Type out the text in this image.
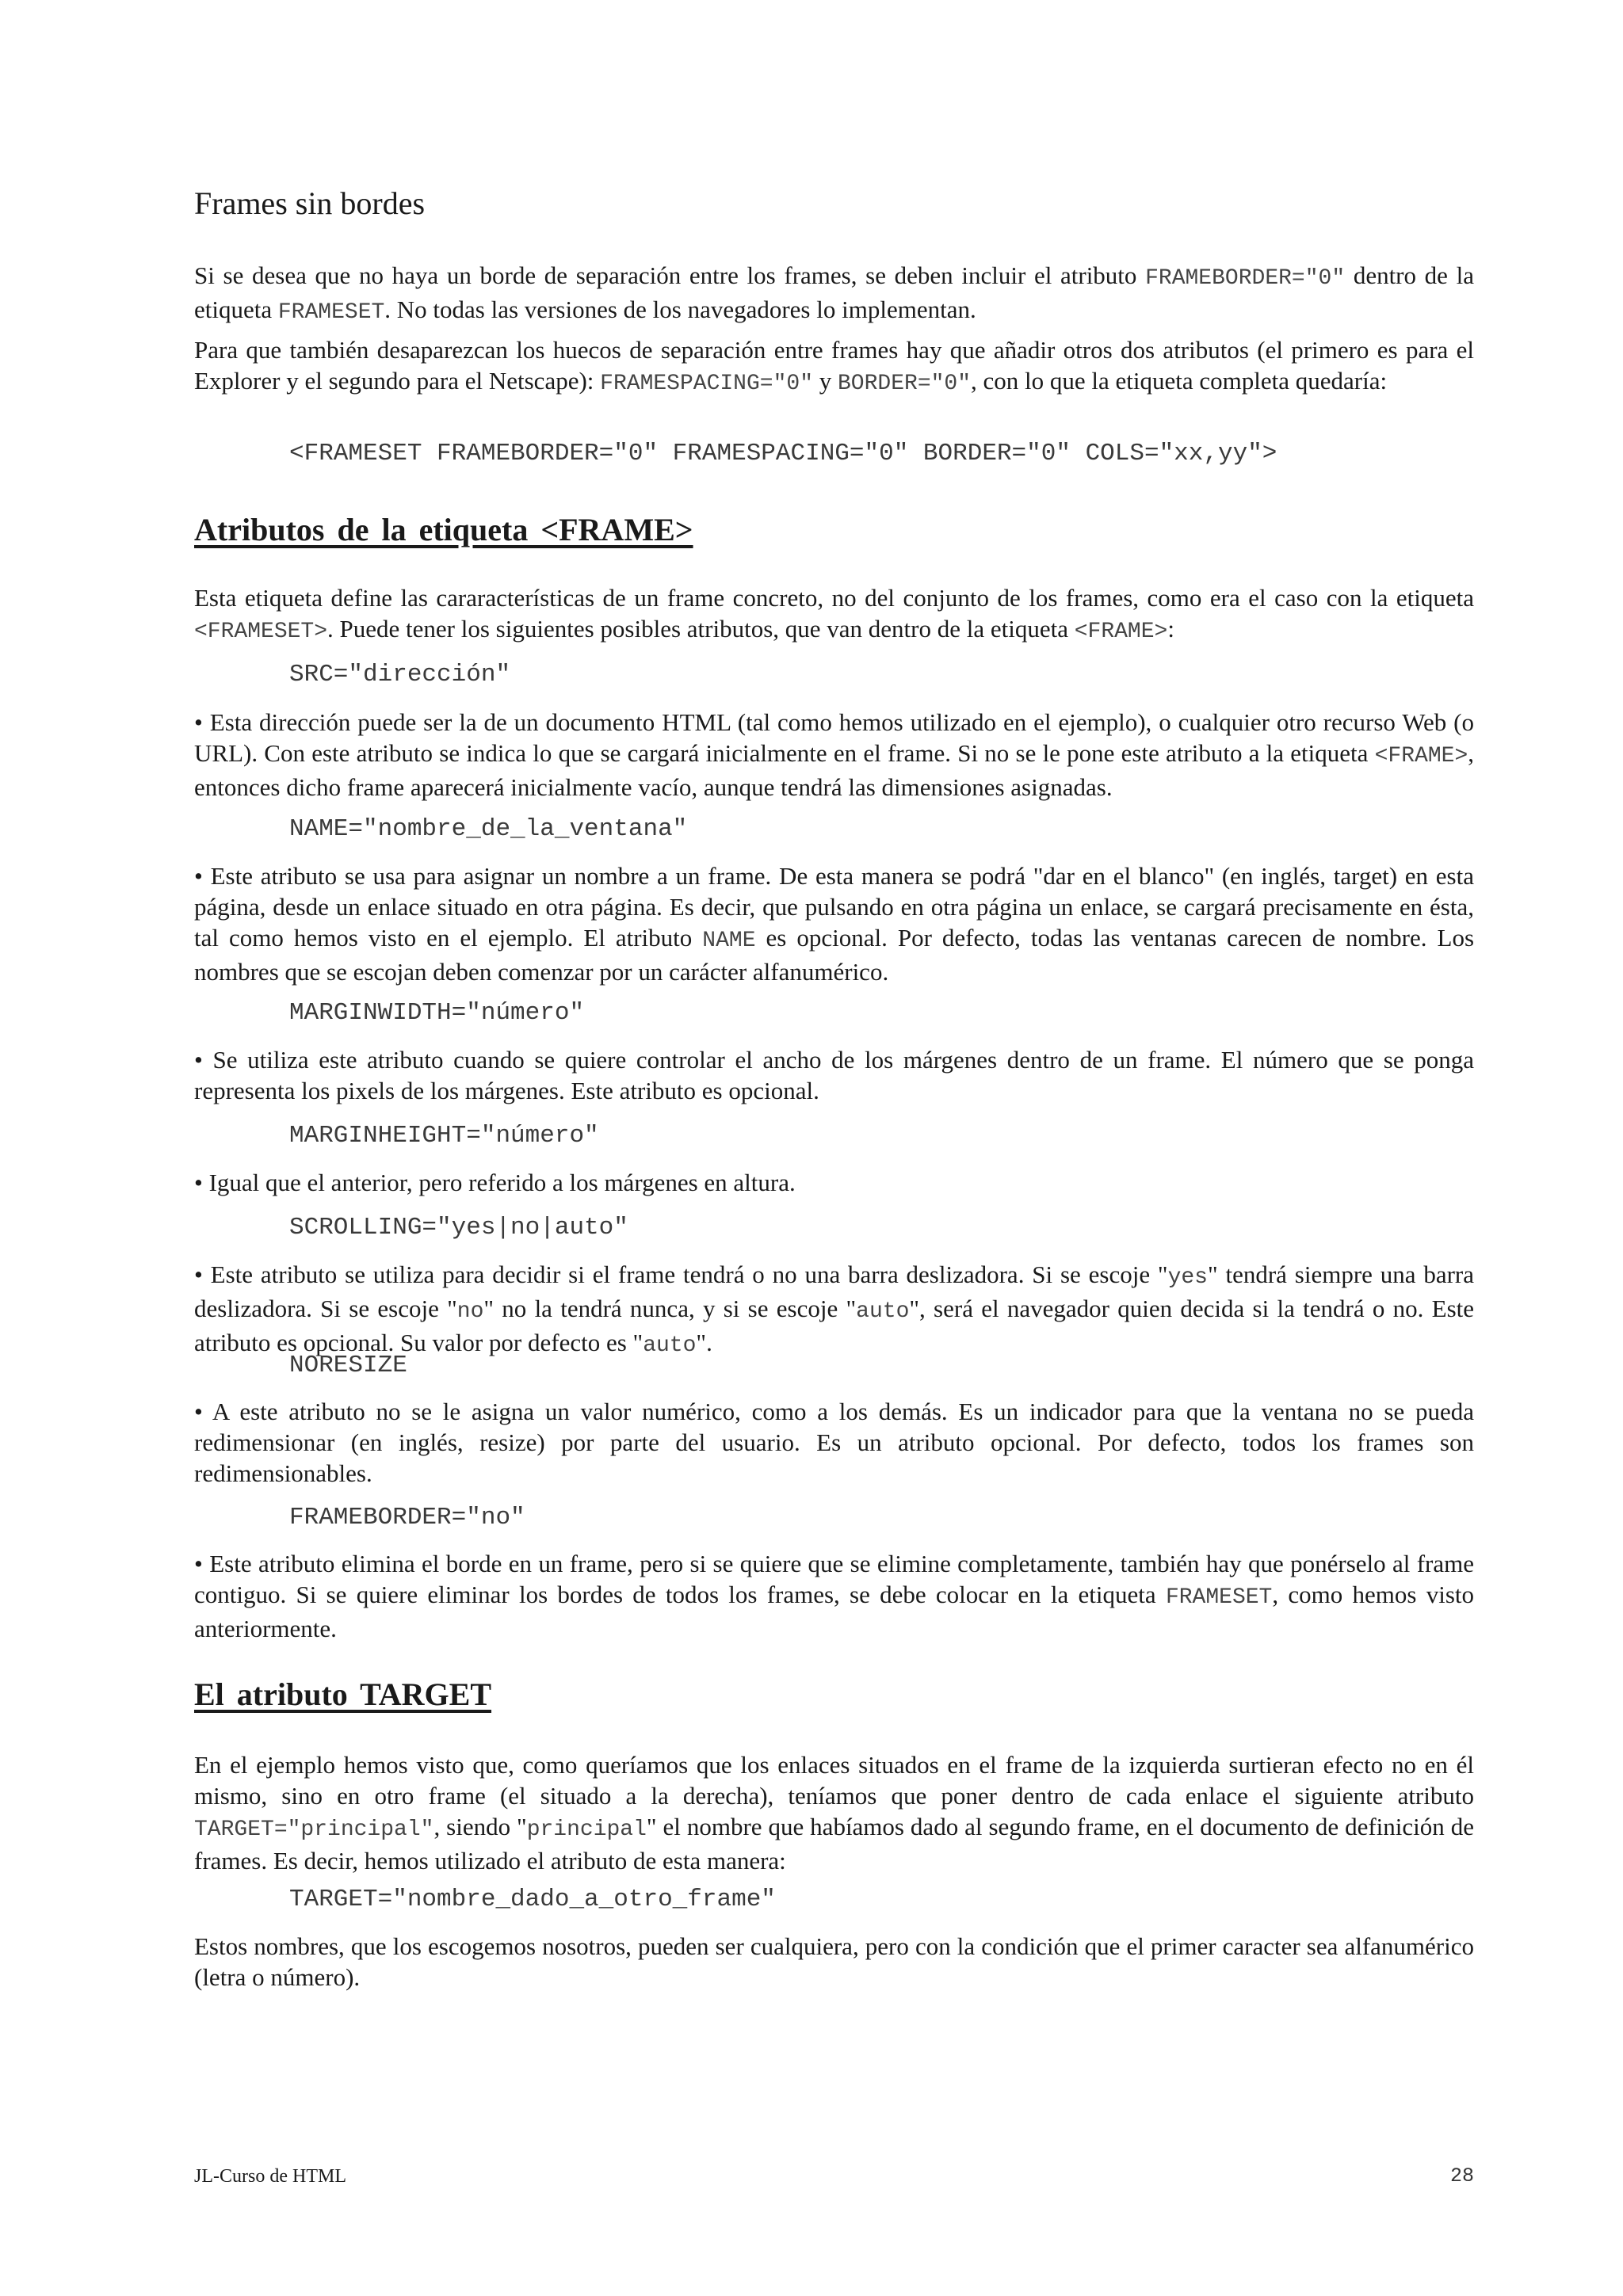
Frames sin bordes

Si se desea que no haya un borde de separación entre los frames, se deben incluir el atributo FRAMEBORDER="0" dentro de la etiqueta FRAMESET. No todas las versiones de los navegadores lo implementan.

Para que también desaparezcan los huecos de separación entre frames hay que añadir otros dos atributos (el primero es para el Explorer y el segundo para el Netscape): FRAMESPACING="0" y BORDER="0", con lo que la etiqueta completa quedaría:

<FRAMESET FRAMEBORDER="0" FRAMESPACING="0" BORDER="0" COLS="xx,yy">
Atributos de la etiqueta <FRAME>

Esta etiqueta define las cararacterísticas de un frame concreto, no del conjunto de los frames, como era el caso con la etiqueta <FRAMESET>. Puede tener los siguientes posibles atributos, que van dentro de la etiqueta <FRAME>:

SRC="dirección"

• Esta dirección puede ser la de un documento HTML (tal como hemos utilizado en el ejemplo), o cualquier otro recurso Web (o URL). Con este atributo se indica lo que se cargará inicialmente en el frame. Si no se le pone este atributo a la etiqueta <FRAME>, entonces dicho frame aparecerá inicialmente vacío, aunque tendrá las dimensiones asignadas.

NAME="nombre_de_la_ventana"

• Este atributo se usa para asignar un nombre a un frame. De esta manera se podrá "dar en el blanco" (en inglés, target) en esta página, desde un enlace situado en otra página. Es decir, que pulsando en otra página un enlace, se cargará precisamente en ésta, tal como hemos visto en el ejemplo. El atributo NAME es opcional. Por defecto, todas las ventanas carecen de nombre. Los nombres que se escojan deben comenzar por un carácter alfanumérico.

MARGINWIDTH="número"

• Se utiliza este atributo cuando se quiere controlar el ancho de los márgenes dentro de un frame. El número que se ponga representa los pixels de los márgenes. Este atributo es opcional.

MARGINHEIGHT="número"

• Igual que el anterior, pero referido a los márgenes en altura.

SCROLLING="yes|no|auto"

• Este atributo se utiliza para decidir si el frame tendrá o no una barra deslizadora. Si se escoje "yes" tendrá siempre una barra deslizadora. Si se escoje "no" no la tendrá nunca, y si se escoje "auto", será el navegador quien decida si la tendrá o no. Este atributo es opcional. Su valor por defecto es "auto".

NORESIZE

• A este atributo no se le asigna un valor numérico, como a los demás. Es un indicador para que la ventana no se pueda redimensionar (en inglés, resize) por parte del usuario. Es un atributo opcional. Por defecto, todos los frames son redimensionables.

FRAMEBORDER="no"

• Este atributo elimina el borde en un frame, pero si se quiere que se elimine completamente, también hay que ponérselo al frame contiguo. Si se quiere eliminar los bordes de todos los frames, se debe colocar en la etiqueta FRAMESET, como hemos visto anteriormente.

El atributo TARGET

En el ejemplo hemos visto que, como queríamos que los enlaces situados en el frame de la izquierda surtieran efecto no en él mismo, sino en otro frame (el situado a la derecha), teníamos que poner dentro de cada enlace el siguiente atributo TARGET="principal", siendo "principal" el nombre que habíamos dado al segundo frame, en el documento de definición de frames. Es decir, hemos utilizado el atributo de esta manera:

TARGET="nombre_dado_a_otro_frame"

Estos nombres, que los escogemos nosotros, pueden ser cualquiera, pero con la condición que el primer caracter sea alfanumérico (letra o número).

JL-Curso de HTML	28
